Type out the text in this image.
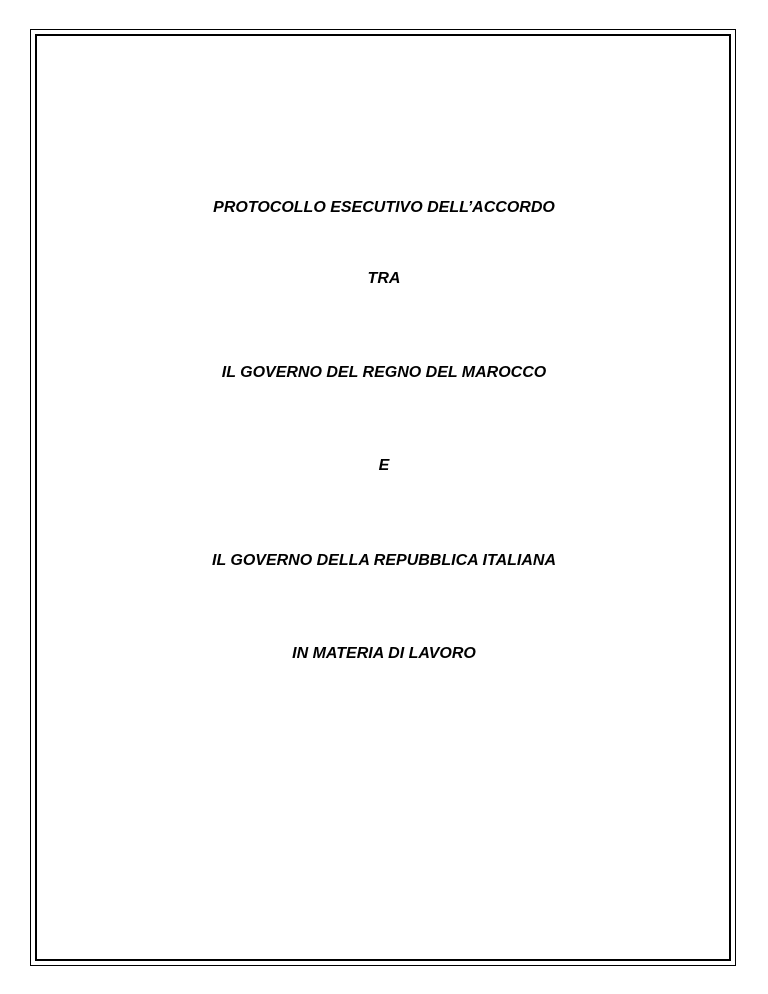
PROTOCOLLO ESECUTIVO DELL’ACCORDO
TRA
IL GOVERNO DEL REGNO DEL MAROCCO
E
IL GOVERNO DELLA REPUBBLICA ITALIANA
IN MATERIA DI LAVORO
